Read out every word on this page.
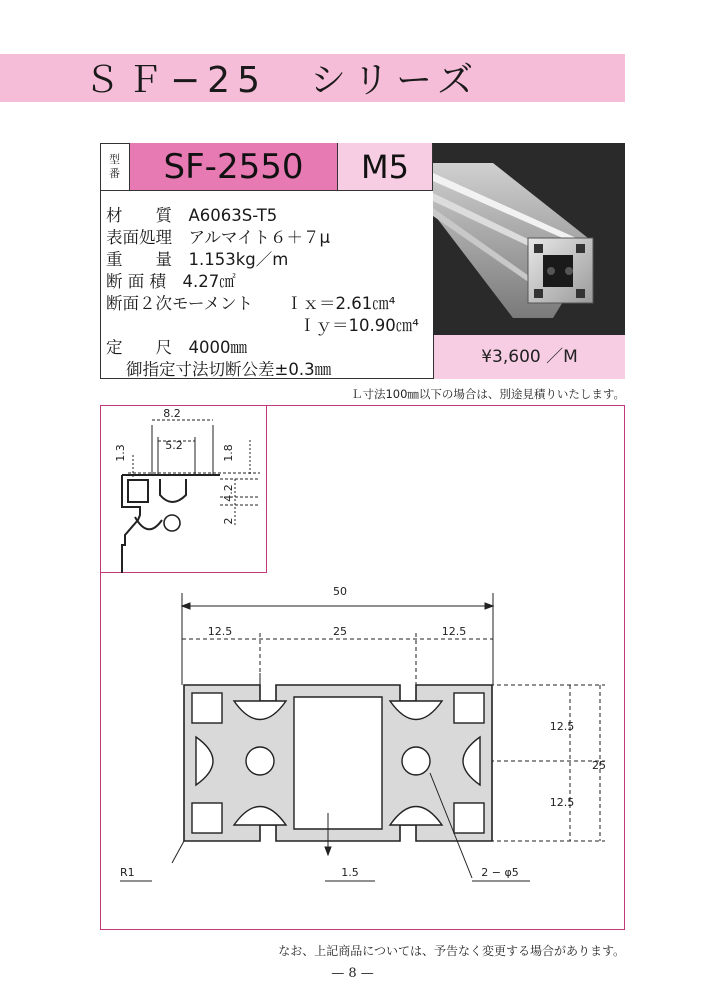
ＳＦ−25　シリーズ
型
番	SF-2550	M5
¥3,600 ／M
材　　質　A6063S-T5
表面処理　アルマイト６＋７μ
重　　量　1.153kg／m
断 面 積　4.27㎠
断面２次モーメント　　Ｉｘ＝2.61㎝⁴
Ｉｙ＝10.90㎝⁴
定　　尺　4000㎜
御指定寸法切断公差±0.3㎜
Ｌ寸法100㎜以下の場合は、別途見積りいたします。
8.2
5.2
1.3	1.8
4.2
2
50
12.5	25	12.5
12.5
12.5
25
R1	1.5	2 − φ5
なお、上記商品については、予告なく変更する場合があります。
— 8 —
